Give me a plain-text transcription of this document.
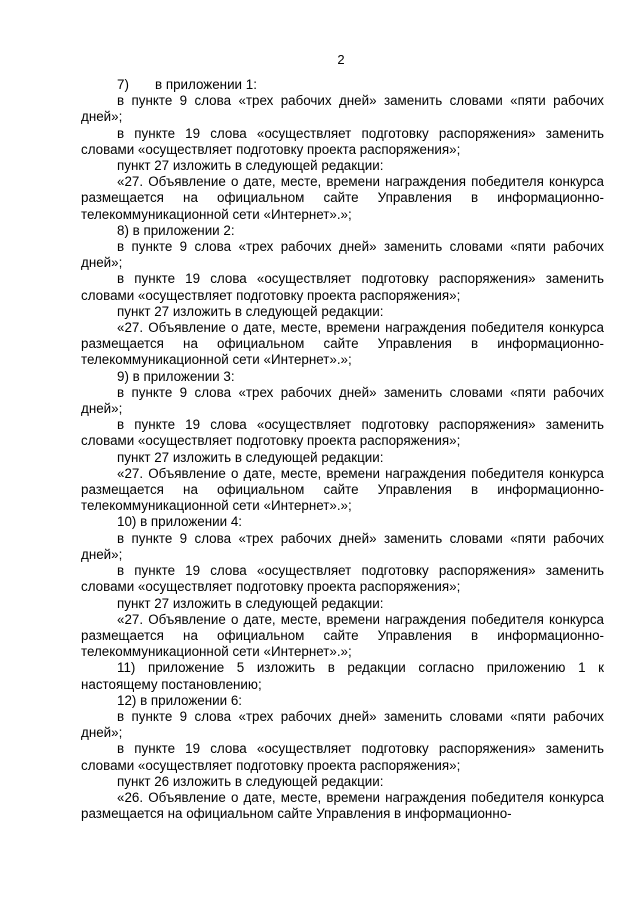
2

7) в приложении 1:

в пункте 9 слова «трех рабочих дней» заменить словами «пяти рабочих дней»;

в пункте 19 слова «осуществляет подготовку распоряжения» заменить словами «осуществляет подготовку проекта распоряжения»;

пункт 27 изложить в следующей редакции:

«27. Объявление о дате, месте, времени награждения победителя конкурса размещается на официальном сайте Управления в информационно-телекоммуникационной сети «Интернет».»;

8) в приложении 2:

в пункте 9 слова «трех рабочих дней» заменить словами «пяти рабочих дней»;

в пункте 19 слова «осуществляет подготовку распоряжения» заменить словами «осуществляет подготовку проекта распоряжения»;

пункт 27 изложить в следующей редакции:

«27. Объявление о дате, месте, времени награждения победителя конкурса размещается на официальном сайте Управления в информационно-телекоммуникационной сети «Интернет».»;

9) в приложении 3:

в пункте 9 слова «трех рабочих дней» заменить словами «пяти рабочих дней»;

в пункте 19 слова «осуществляет подготовку распоряжения» заменить словами «осуществляет подготовку проекта распоряжения»;

пункт 27 изложить в следующей редакции:

«27. Объявление о дате, месте, времени награждения победителя конкурса размещается на официальном сайте Управления в информационно-телекоммуникационной сети «Интернет».»;

10) в приложении 4:

в пункте 9 слова «трех рабочих дней» заменить словами «пяти рабочих дней»;

в пункте 19 слова «осуществляет подготовку распоряжения» заменить словами «осуществляет подготовку проекта распоряжения»;

пункт 27 изложить в следующей редакции:

«27. Объявление о дате, месте, времени награждения победителя конкурса размещается на официальном сайте Управления в информационно-телекоммуникационной сети «Интернет».»;

11) приложение 5 изложить в редакции согласно приложению 1 к настоящему постановлению;

12) в приложении 6:

в пункте 9 слова «трех рабочих дней» заменить словами «пяти рабочих дней»;

в пункте 19 слова «осуществляет подготовку распоряжения» заменить словами «осуществляет подготовку проекта распоряжения»;

пункт 26 изложить в следующей редакции:

«26. Объявление о дате, месте, времени награждения победителя конкурса размещается на официальном сайте Управления в информационно-
